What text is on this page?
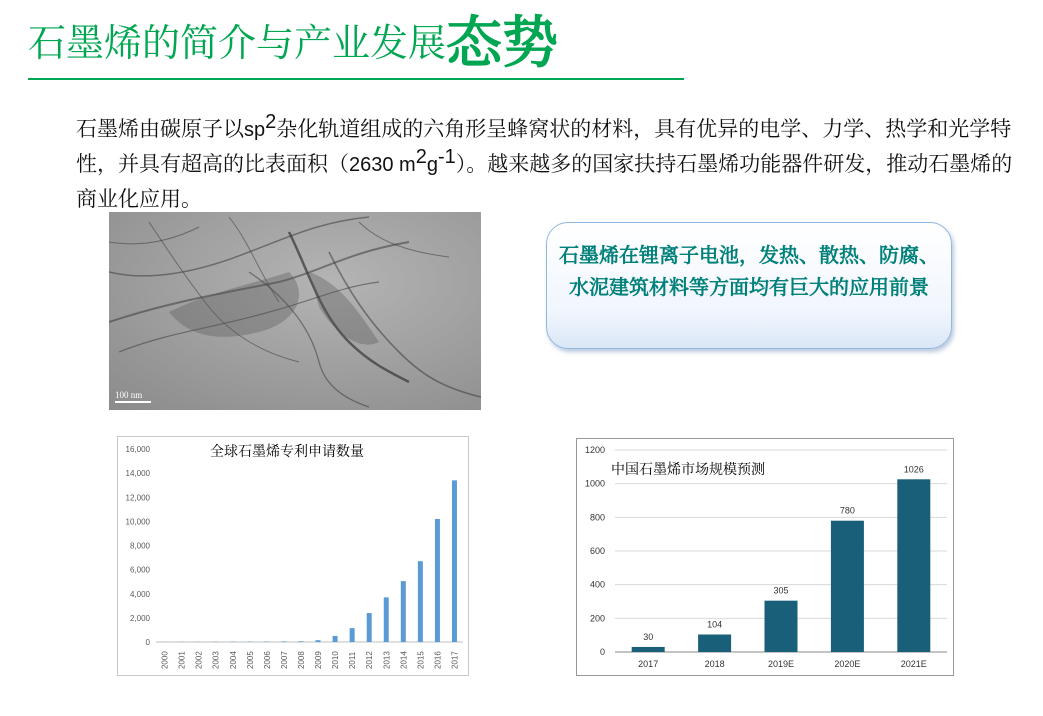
石墨烯的简介与产业发展态势

石墨烯由碳原子以$sp^2$杂化轨道组成的六角形呈蜂窝状的材料，具有优异的电学、力学、热学和光学特性，并具有超高的比表面积（2630 $m^2g^{-1}$）。越来越多的国家扶持石墨烯功能器件研发，推动石墨烯的商业化应用。

100 nm
石墨烯在锂离子电池，发热、散热、防腐、水泥建筑材料等方面均有巨大的应用前景
0
2,000
4,000
6,000
8,000
10,000
12,000
14,000
16,000
2000 2001 2002 2003 2004 2005 2006 2007 2008 2009 2010 2011 2012 2013 2014 2015 2016 2017
全球石墨烯专利申请数量
0
200
400
600
800
1000
1200
30
2017
104
2018
305
2019E
780
2020E
1026
2021E
中国石墨烯市场规模预测
